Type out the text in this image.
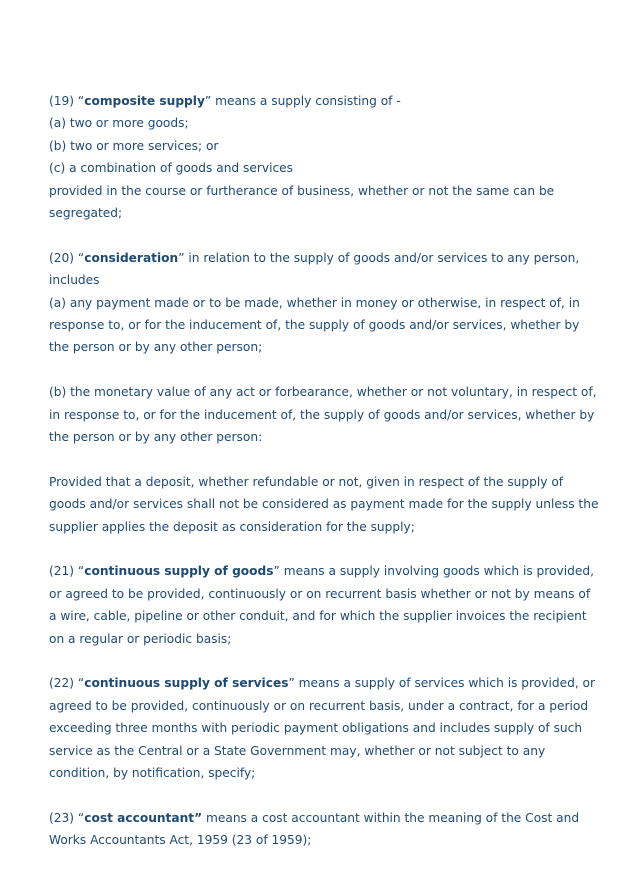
(19) “composite supply” means a supply consisting of -
(a) two or more goods;
(b) two or more services; or
(c) a combination of goods and services
provided in the course or furtherance of business, whether or not the same can be
segregated;
(20) “consideration” in relation to the supply of goods and/or services to any person,
includes
(a) any payment made or to be made, whether in money or otherwise, in respect of, in
response to, or for the inducement of, the supply of goods and/or services, whether by
the person or by any other person;
(b) the monetary value of any act or forbearance, whether or not voluntary, in respect of,
in response to, or for the inducement of, the supply of goods and/or services, whether by
the person or by any other person:
Provided that a deposit, whether refundable or not, given in respect of the supply of
goods and/or services shall not be considered as payment made for the supply unless the
supplier applies the deposit as consideration for the supply;
(21) “continuous supply of goods” means a supply involving goods which is provided,
or agreed to be provided, continuously or on recurrent basis whether or not by means of
a wire, cable, pipeline or other conduit, and for which the supplier invoices the recipient
on a regular or periodic basis;
(22) “continuous supply of services” means a supply of services which is provided, or
agreed to be provided, continuously or on recurrent basis, under a contract, for a period
exceeding three months with periodic payment obligations and includes supply of such
service as the Central or a State Government may, whether or not subject to any
condition, by notification, specify;
(23) “cost accountant” means a cost accountant within the meaning of the Cost and
Works Accountants Act, 1959 (23 of 1959);
